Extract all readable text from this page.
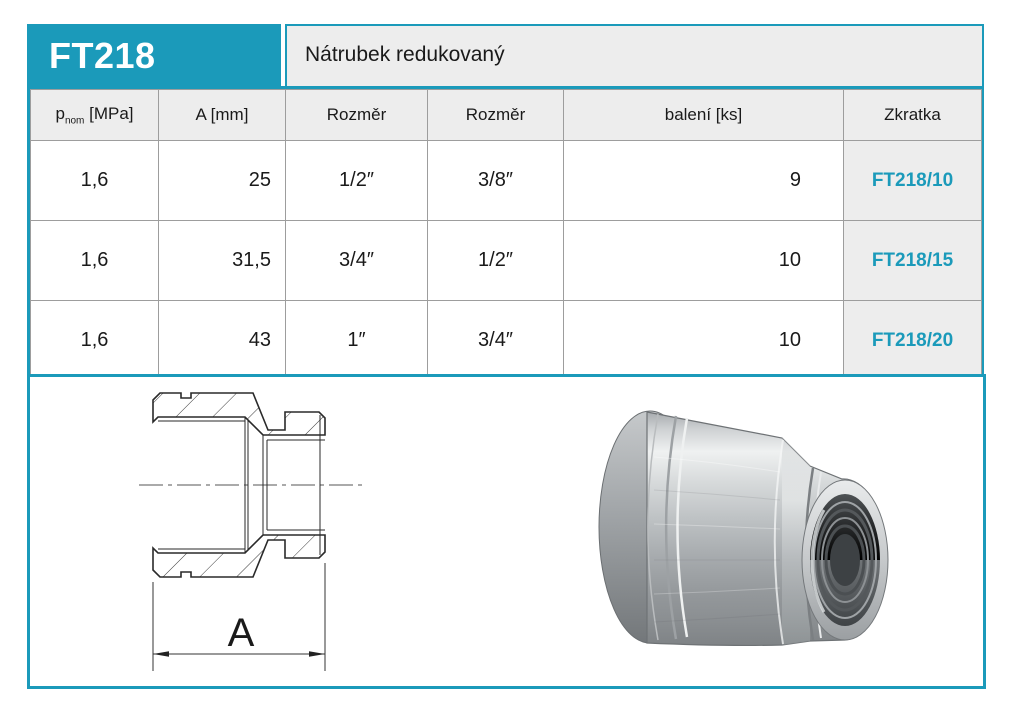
FT218	Nátrubek redukovaný
$p_{nom}$ [MPa]	A [mm]	Rozměr	Rozměr	balení [ks]	Zkratka
1,6	25	1/2″	3/8″	9	FT218/10
1,6	31,5	3/4″	1/2″	10	FT218/15
1,6	43	1″	3/4″	10	FT218/20
A
